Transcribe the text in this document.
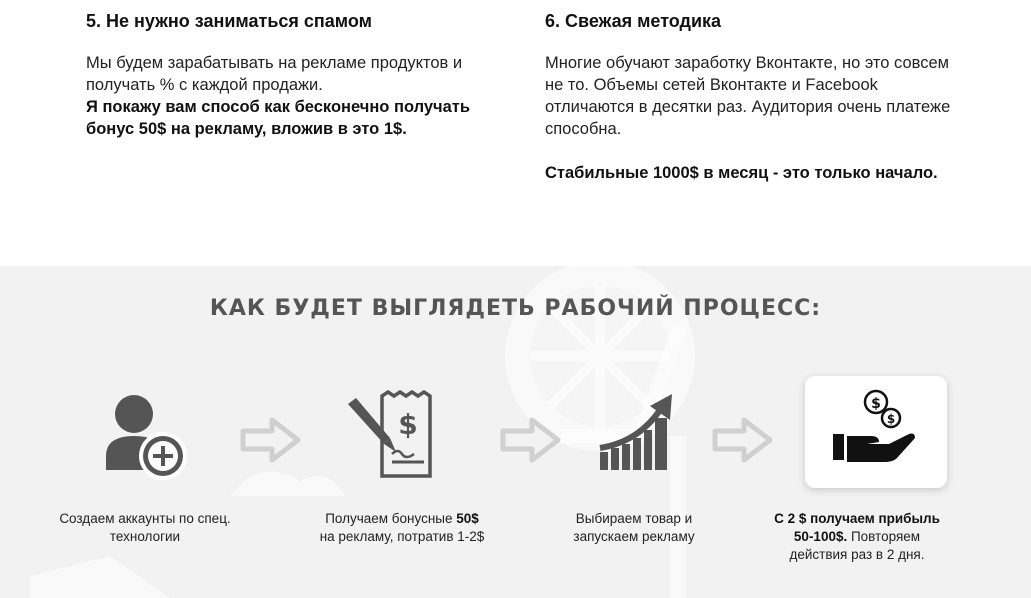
5. Не нужно заниматься спамом

Мы будем зарабатывать на рекламе продуктов и получать % с каждой продажи.

Я покажу вам способ как бесконечно получать бонус 50$ на рекламу, вложив в это 1$.

6. Свежая методика

Многие обучают заработку Вконтакте, но это совсем не то. Объемы сетей Вконтакте и Facebook отличаются в десятки раз. Аудитория очень платеже способна.

Стабильные 1000$ в месяц - это только начало.

КАК БУДЕТ ВЫГЛЯДЕТЬ РАБОЧИЙ ПРОЦЕСС:
$
$
$
Создаем аккаунты по спец.
технологии
Получаем бонусные 50$
на рекламу, потратив 1-2$
Выбираем товар и
запускаем рекламу
С 2 $ получаем прибыль
50-100$. Повторяем
действия раз в 2 дня.
